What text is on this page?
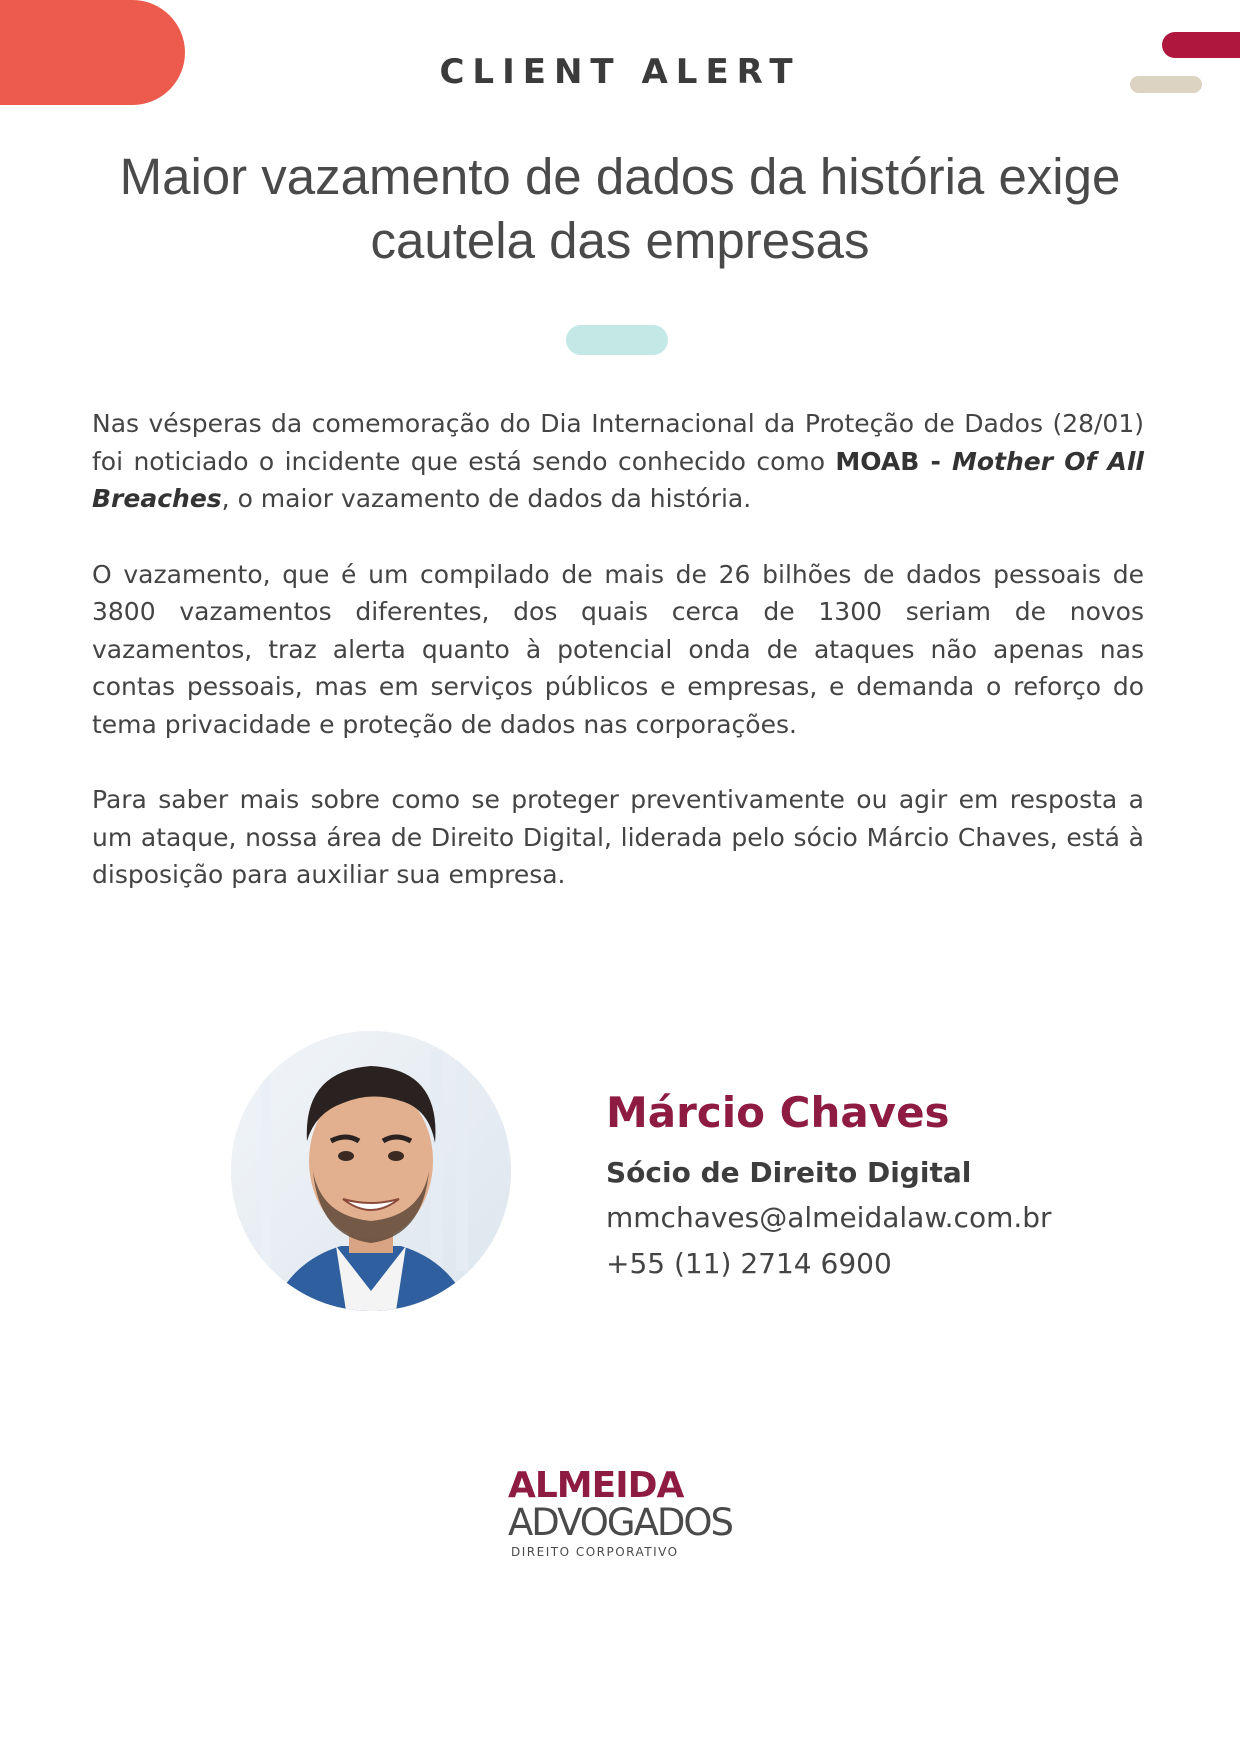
CLIENT ALERT
Maior vazamento de dados da história exige
cautela das empresas

Nas vésperas da comemoração do Dia Internacional da Proteção de Dados (28/01) foi noticiado o incidente que está sendo conhecido como MOAB - Mother Of All Breaches, o maior vazamento de dados da história.

O vazamento, que é um compilado de mais de 26 bilhões de dados pessoais de 3800 vazamentos diferentes, dos quais cerca de 1300 seriam de novos vazamentos, traz alerta quanto à potencial onda de ataques não apenas nas contas pessoais, mas em serviços públicos e empresas, e demanda o reforço do tema privacidade e proteção de dados nas corporações.

Para saber mais sobre como se proteger preventivamente ou agir em resposta a um ataque, nossa área de Direito Digital, liderada pelo sócio Márcio Chaves, está à disposição para auxiliar sua empresa.

Márcio Chaves
Sócio de Direito Digital
mmchaves@almeidalaw.com.br
+55 (11) 2714 6900
ALMEIDA
ADVOGADOS
DIREITO CORPORATIVO
